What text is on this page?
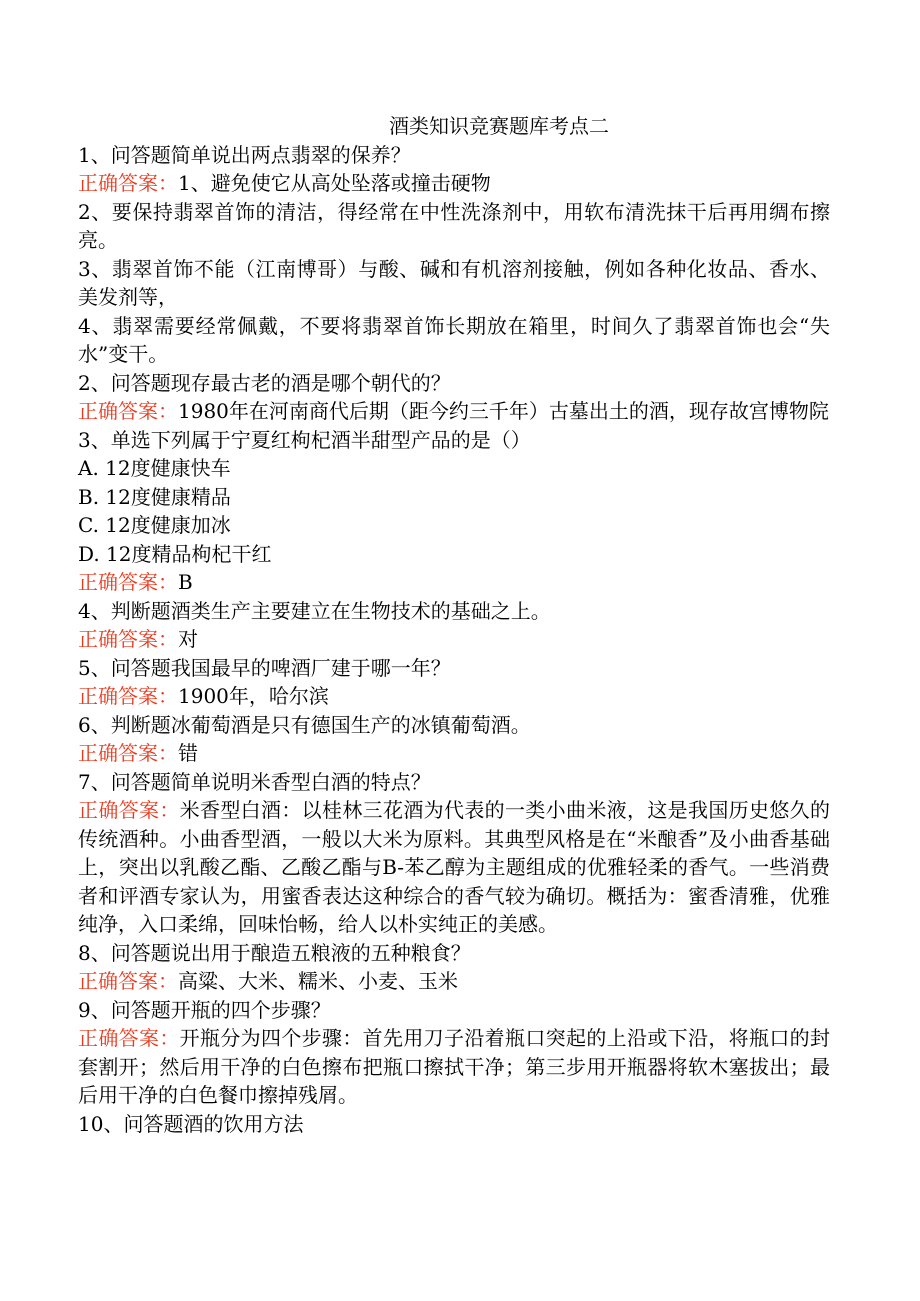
酒类知识竞赛题库考点二
1、问答题简单说出两点翡翠的保养？
正确答案：1、避免使它从高处坠落或撞击硬物
2、要保持翡翠首饰的清洁，得经常在中性洗涤剂中，用软布清洗抹干后再用绸布擦亮。
3、翡翠首饰不能（江南博哥）与酸、碱和有机溶剂接触，例如各种化妆品、香水、美发剂等，
4、翡翠需要经常佩戴，不要将翡翠首饰长期放在箱里，时间久了翡翠首饰也会“失水”变干。
2、问答题现存最古老的酒是哪个朝代的？
正确答案：1980年在河南商代后期（距今约三千年）古墓出土的酒，现存故宫博物院
3、单选下列属于宁夏红枸杞酒半甜型产品的是（）
A. 12度健康快车
B. 12度健康精品
C. 12度健康加冰
D. 12度精品枸杞干红
正确答案：B
4、判断题酒类生产主要建立在生物技术的基础之上。
正确答案：对
5、问答题我国最早的啤酒厂建于哪一年？
正确答案：1900年，哈尔滨
6、判断题冰葡萄酒是只有德国生产的冰镇葡萄酒。
正确答案：错
7、问答题简单说明米香型白酒的特点？
正确答案：米香型白酒：以桂林三花酒为代表的一类小曲米液，这是我国历史悠久的传统酒种。小曲香型酒，一般以大米为原料。其典型风格是在“米酿香”及小曲香基础上，突出以乳酸乙酯、乙酸乙酯与B-苯乙醇为主题组成的优雅轻柔的香气。一些消费者和评酒专家认为，用蜜香表达这种综合的香气较为确切。概括为：蜜香清雅，优雅纯净，入口柔绵，回味怡畅，给人以朴实纯正的美感。
8、问答题说出用于酿造五粮液的五种粮食？
正确答案：高粱、大米、糯米、小麦、玉米
9、问答题开瓶的四个步骤？
正确答案：开瓶分为四个步骤：首先用刀子沿着瓶口突起的上沿或下沿，将瓶口的封套割开；然后用干净的白色擦布把瓶口擦拭干净；第三步用开瓶器将软木塞拔出；最后用干净的白色餐巾擦掉残屑。
10、问答题酒的饮用方法
